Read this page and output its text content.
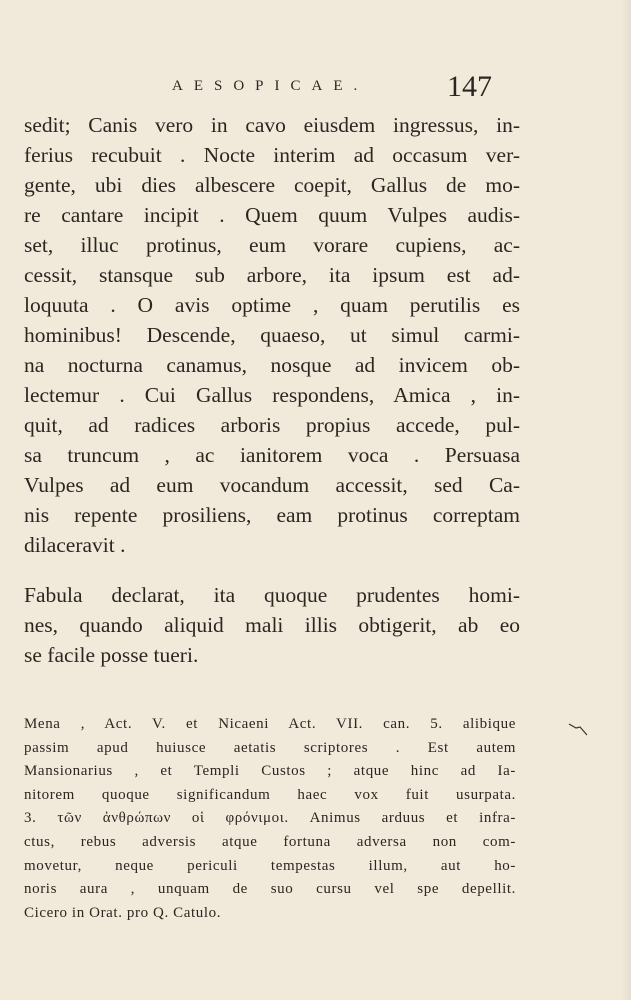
AESOPICAE.	147
sedit; Canis vero in cavo eiusdem ingressus, in-
ferius recubuit . Nocte interim ad occasum ver-
gente, ubi dies albescere coepit, Gallus de mo-
re cantare incipit . Quem quum Vulpes audis-
set, illuc protinus, eum vorare cupiens, ac-
cessit, stansque sub arbore, ita ipsum est ad-
loquuta . O avis optime , quam perutilis es
hominibus! Descende, quaeso, ut simul carmi-
na nocturna canamus, nosque ad invicem ob-
lectemur . Cui Gallus respondens, Amica , in-
quit, ad radices arboris propius accede, pul-
sa truncum , ac ianitorem voca . Persuasa
Vulpes ad eum vocandum accessit, sed Ca-
nis repente prosiliens, eam protinus correptam
dilaceravit .
Fabula declarat, ita quoque prudentes homi-
nes, quando aliquid mali illis obtigerit, ab eo
se facile posse tueri.
Mena , Act. V. et Nicaeni Act. VII. can. 5. alibique
passim apud huiusce aetatis scriptores . Est autem
Mansionarius , et Templi Custos ; atque hinc ad Ia-
nitorem quoque significandum haec vox fuit usurpata.
3. τῶν ἀνθρώπων οἱ φρόνιμοι. Animus arduus et infra-
ctus, rebus adversis atque fortuna adversa non com-
movetur, neque periculi tempestas illum, aut ho-
noris aura , unquam de suo cursu vel spe depellit.
Cicero in Orat. pro Q. Catulo.
